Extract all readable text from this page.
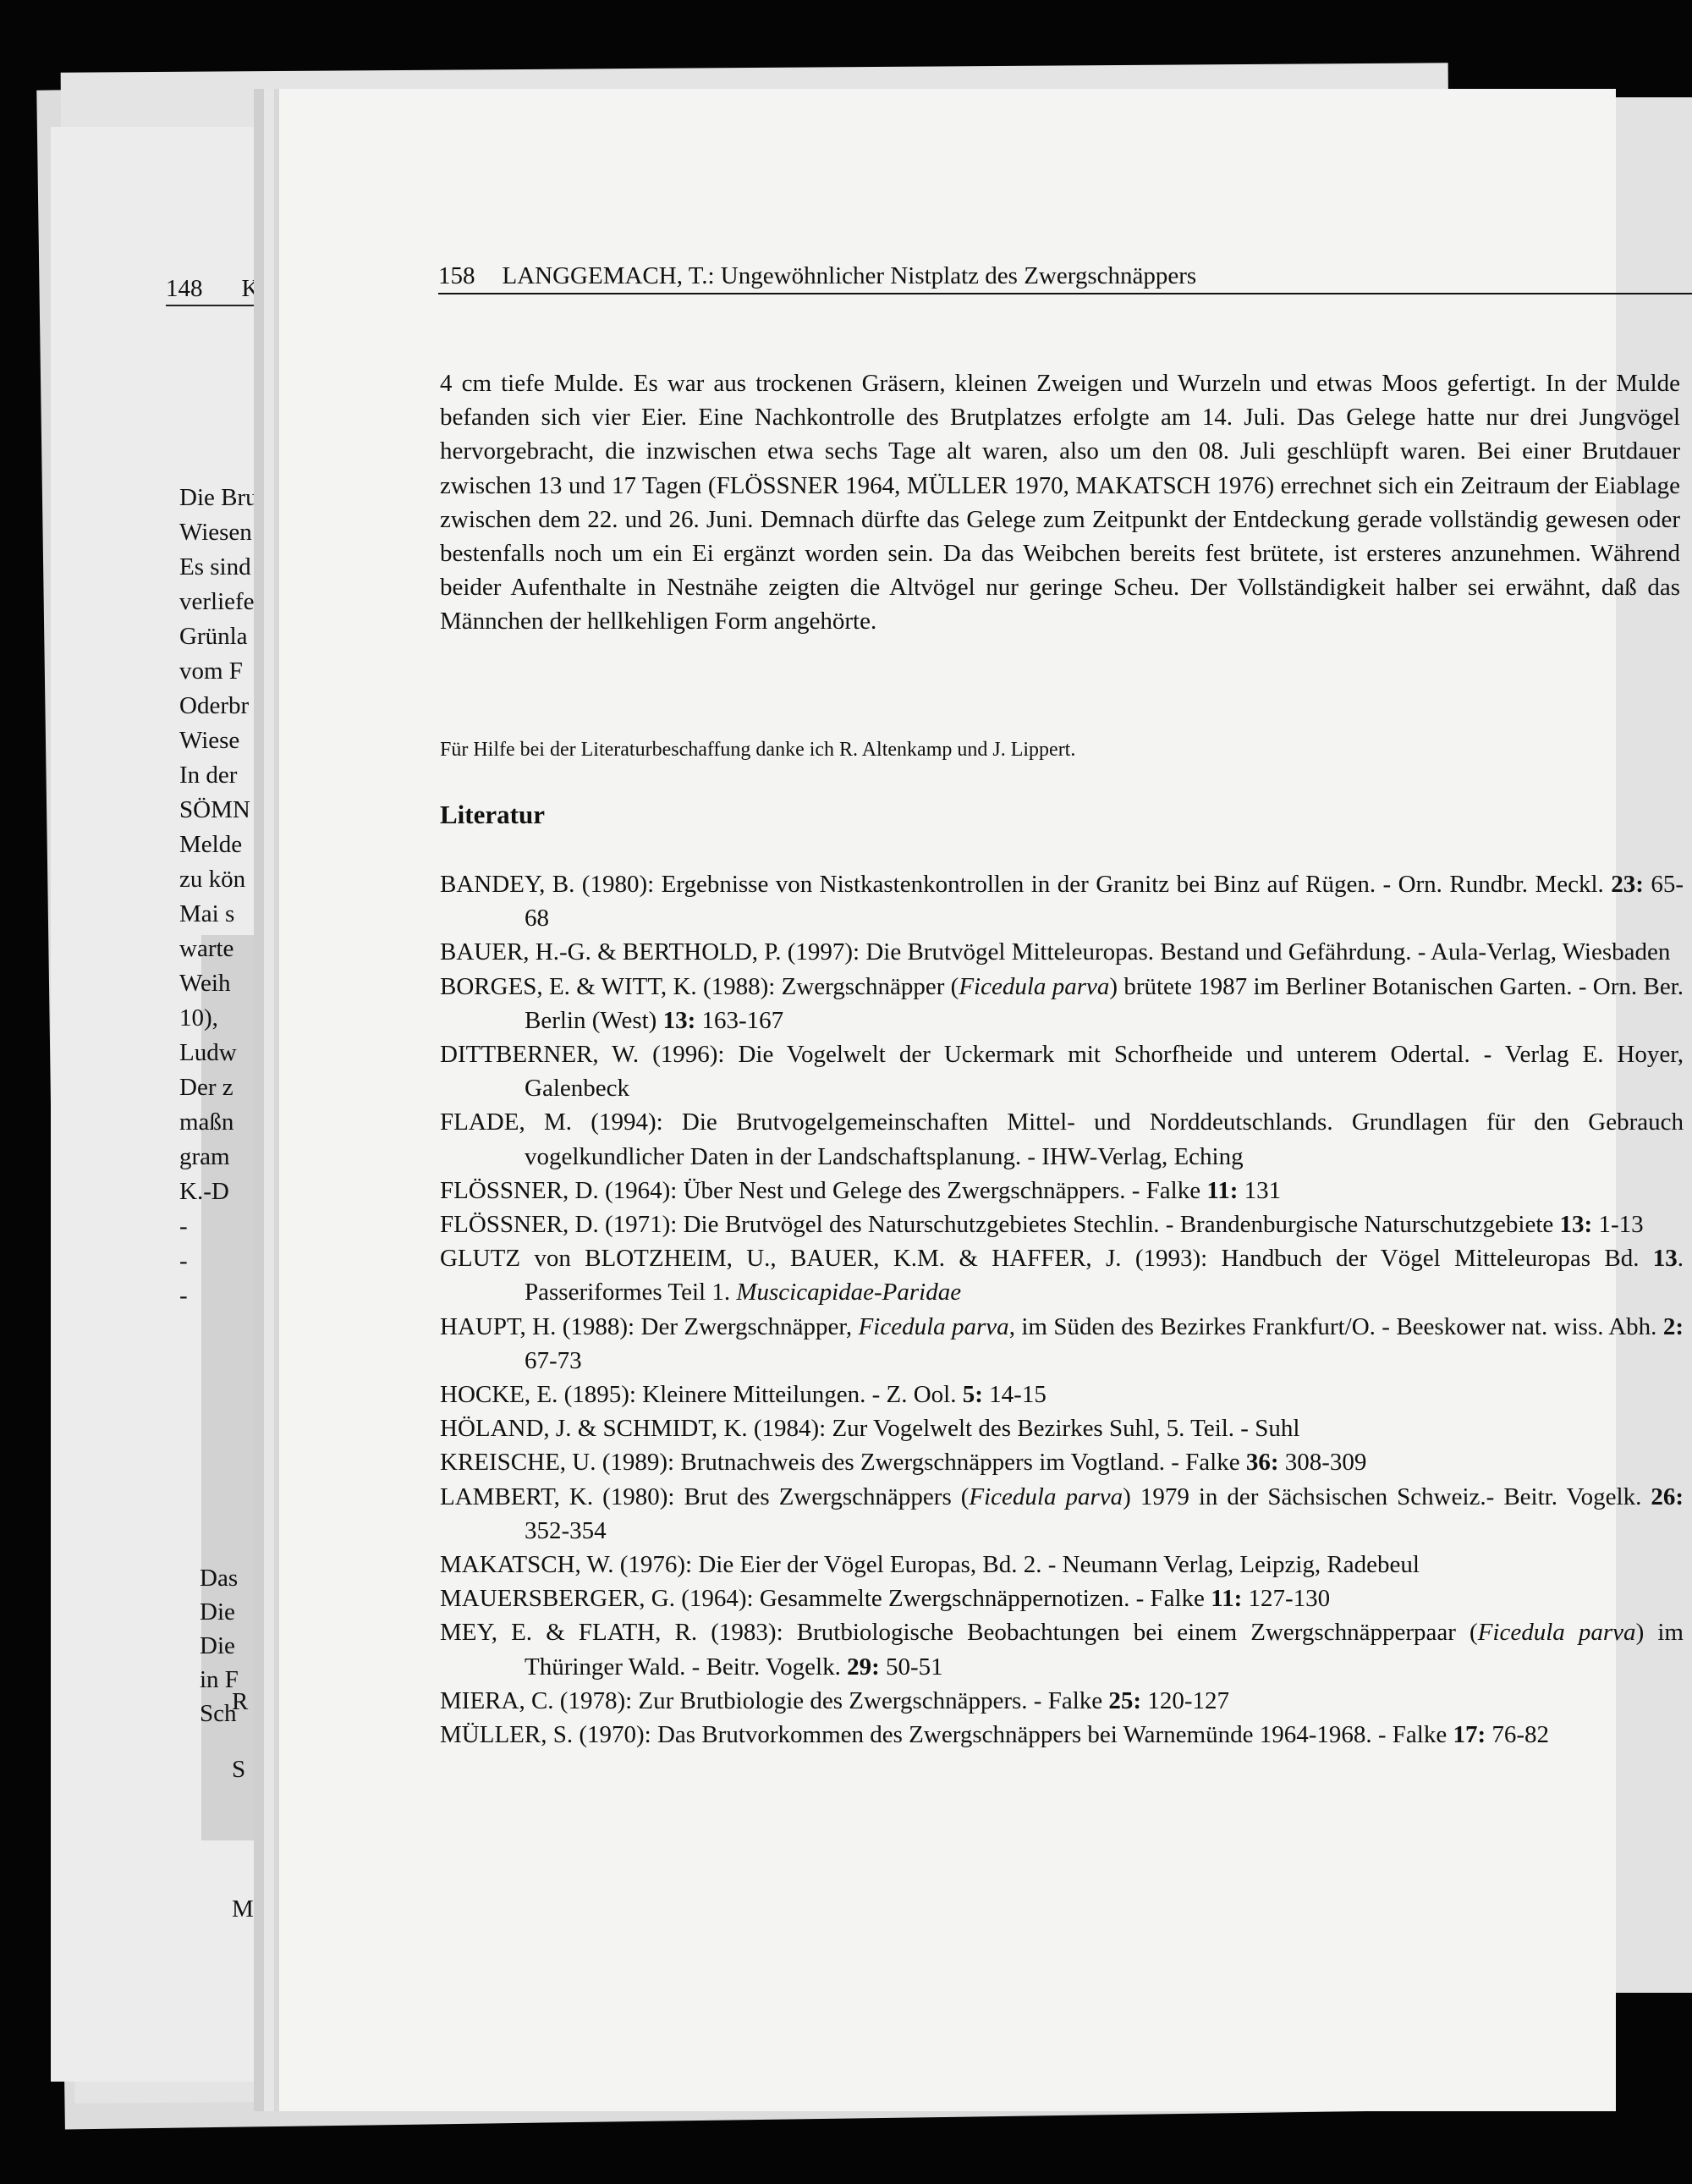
148 K
Die Bru
Wiesen
Es sind
verliefe
Grünla
vom F
Oderbr
Wiese
In der
SÖMN
Melde
zu kön
Mai s
warte
Weih
10),
Ludw
Der z
maßn
gram
K.-D
-
-
-
Das
Die
Die
in F
Sch
R
S
M
158 LANGGEMACH, T.: Ungewöhnlicher Nistplatz des Zwergschnäppers
4 cm tiefe Mulde. Es war aus trockenen Gräsern, kleinen Zweigen und Wurzeln und etwas Moos gefertigt. In der Mulde befanden sich vier Eier. Eine Nachkontrolle des Brutplatzes erfolgte am 14. Juli. Das Gelege hatte nur drei Jungvögel hervorgebracht, die inzwischen etwa sechs Tage alt waren, also um den 08. Juli geschlüpft waren. Bei einer Brutdauer zwischen 13 und 17 Tagen (FLÖSSNER 1964, MÜLLER 1970, MAKATSCH 1976) errechnet sich ein Zeitraum der Eiablage zwischen dem 22. und 26. Juni. Demnach dürfte das Gelege zum Zeitpunkt der Entdeckung gerade vollständig gewesen oder bestenfalls noch um ein Ei ergänzt worden sein. Da das Weibchen bereits fest brütete, ist ersteres anzunehmen. Während beider Aufenthalte in Nestnähe zeigten die Altvögel nur geringe Scheu. Der Vollständigkeit halber sei erwähnt, daß das Männchen der hellkehligen Form angehörte.
Für Hilfe bei der Literaturbeschaffung danke ich R. Altenkamp und J. Lippert.
Literatur
BANDEY, B. (1980): Ergebnisse von Nistkastenkontrollen in der Granitz bei Binz auf Rügen. - Orn. Rundbr. Meckl. 23: 65-68
BAUER, H.-G. & BERTHOLD, P. (1997): Die Brutvögel Mitteleuropas. Bestand und Gefährdung. - Aula-Verlag, Wiesbaden
BORGES, E. & WITT, K. (1988): Zwergschnäpper (Ficedula parva) brütete 1987 im Berliner Botanischen Garten. - Orn. Ber. Berlin (West) 13: 163-167
DITTBERNER, W. (1996): Die Vogelwelt der Uckermark mit Schorfheide und unterem Odertal. - Verlag E. Hoyer, Galenbeck
FLADE, M. (1994): Die Brutvogelgemeinschaften Mittel- und Norddeutschlands. Grundlagen für den Gebrauch vogelkundlicher Daten in der Landschaftsplanung. - IHW-Verlag, Eching
FLÖSSNER, D. (1964): Über Nest und Gelege des Zwergschnäppers. - Falke 11: 131
FLÖSSNER, D. (1971): Die Brutvögel des Naturschutzgebietes Stechlin. - Brandenburgische Naturschutzgebiete 13: 1-13
GLUTZ von BLOTZHEIM, U., BAUER, K.M. & HAFFER, J. (1993): Handbuch der Vögel Mitteleuropas Bd. 13. Passeriformes Teil 1. Muscicapidae-Paridae
HAUPT, H. (1988): Der Zwergschnäpper, Ficedula parva, im Süden des Bezirkes Frankfurt/O. - Beeskower nat. wiss. Abh. 2: 67-73
HOCKE, E. (1895): Kleinere Mitteilungen. - Z. Ool. 5: 14-15
HÖLAND, J. & SCHMIDT, K. (1984): Zur Vogelwelt des Bezirkes Suhl, 5. Teil. - Suhl
KREISCHE, U. (1989): Brutnachweis des Zwergschnäppers im Vogtland. - Falke 36: 308-309
LAMBERT, K. (1980): Brut des Zwergschnäppers (Ficedula parva) 1979 in der Sächsischen Schweiz.- Beitr. Vogelk. 26: 352-354
MAKATSCH, W. (1976): Die Eier der Vögel Europas, Bd. 2. - Neumann Verlag, Leipzig, Radebeul
MAUERSBERGER, G. (1964): Gesammelte Zwergschnäppernotizen. - Falke 11: 127-130
MEY, E. & FLATH, R. (1983): Brutbiologische Beobachtungen bei einem Zwergschnäpperpaar (Ficedula parva) im Thüringer Wald. - Beitr. Vogelk. 29: 50-51
MIERA, C. (1978): Zur Brutbiologie des Zwergschnäppers. - Falke 25: 120-127
MÜLLER, S. (1970): Das Brutvorkommen des Zwergschnäppers bei Warnemünde 1964-1968. - Falke 17: 76-82
